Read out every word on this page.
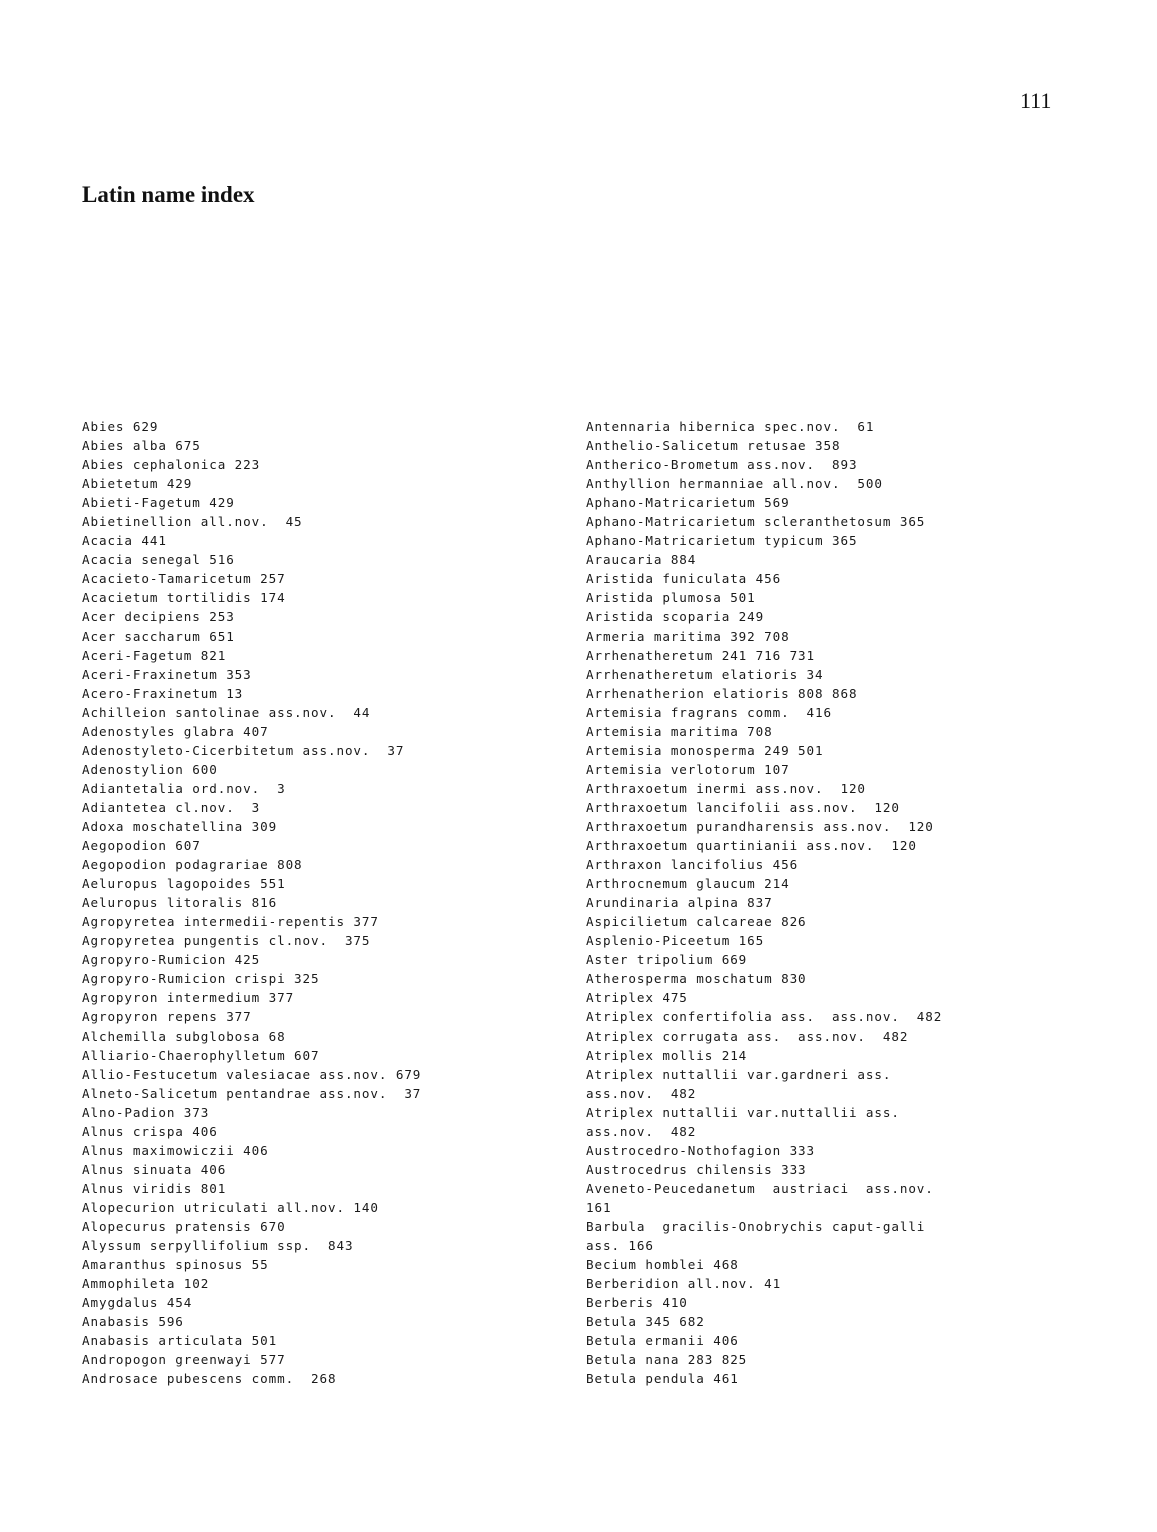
111
Latin name index
Abies 629
Abies alba 675
Abies cephalonica 223
Abietetum 429
Abieti-Fagetum 429
Abietinellion all.nov.  45
Acacia 441
Acacia senegal 516
Acacieto-Tamaricetum 257
Acacietum tortilidis 174
Acer decipiens 253
Acer saccharum 651
Aceri-Fagetum 821
Aceri-Fraxinetum 353
Acero-Fraxinetum 13
Achilleion santolinae ass.nov.  44
Adenostyles glabra 407
Adenostyleto-Cicerbitetum ass.nov.  37
Adenostylion 600
Adiantetalia ord.nov.  3
Adiantetea cl.nov.  3
Adoxa moschatellina 309
Aegopodion 607
Aegopodion podagrariae 808
Aeluropus lagopoides 551
Aeluropus litoralis 816
Agropyretea intermedii-repentis 377
Agropyretea pungentis cl.nov.  375
Agropyro-Rumicion 425
Agropyro-Rumicion crispi 325
Agropyron intermedium 377
Agropyron repens 377
Alchemilla subglobosa 68
Alliario-Chaerophylletum 607
Allio-Festucetum valesiacae ass.nov. 679
Alneto-Salicetum pentandrae ass.nov.  37
Alno-Padion 373
Alnus crispa 406
Alnus maximowiczii 406
Alnus sinuata 406
Alnus viridis 801
Alopecurion utriculati all.nov. 140
Alopecurus pratensis 670
Alyssum serpyllifolium ssp.  843
Amaranthus spinosus 55
Ammophileta 102
Amygdalus 454
Anabasis 596
Anabasis articulata 501
Andropogon greenwayi 577
Androsace pubescens comm.  268
Antennaria hibernica spec.nov.  61
Anthelio-Salicetum retusae 358
Antherico-Brometum ass.nov.  893
Anthyllion hermanniae all.nov.  500
Aphano-Matricarietum 569
Aphano-Matricarietum scleranthetosum 365
Aphano-Matricarietum typicum 365
Araucaria 884
Aristida funiculata 456
Aristida plumosa 501
Aristida scoparia 249
Armeria maritima 392 708
Arrhenatheretum 241 716 731
Arrhenatheretum elatioris 34
Arrhenatherion elatioris 808 868
Artemisia fragrans comm.  416
Artemisia maritima 708
Artemisia monosperma 249 501
Artemisia verlotorum 107
Arthraxoetum inermi ass.nov.  120
Arthraxoetum lancifolii ass.nov.  120
Arthraxoetum purandharensis ass.nov.  120
Arthraxoetum quartinianii ass.nov.  120
Arthraxon lancifolius 456
Arthrocnemum glaucum 214
Arundinaria alpina 837
Aspicilietum calcareae 826
Asplenio-Piceetum 165
Aster tripolium 669
Atherosperma moschatum 830
Atriplex 475
Atriplex confertifolia ass.  ass.nov.  482
Atriplex corrugata ass.  ass.nov.  482
Atriplex mollis 214
Atriplex nuttallii var.gardneri ass.
ass.nov.  482
Atriplex nuttallii var.nuttallii ass.
ass.nov.  482
Austrocedro-Nothofagion 333
Austrocedrus chilensis 333
Aveneto-Peucedanetum  austriaci  ass.nov.
161
Barbula  gracilis-Onobrychis caput-galli
ass. 166
Becium homblei 468
Berberidion all.nov. 41
Berberis 410
Betula 345 682
Betula ermanii 406
Betula nana 283 825
Betula pendula 461
